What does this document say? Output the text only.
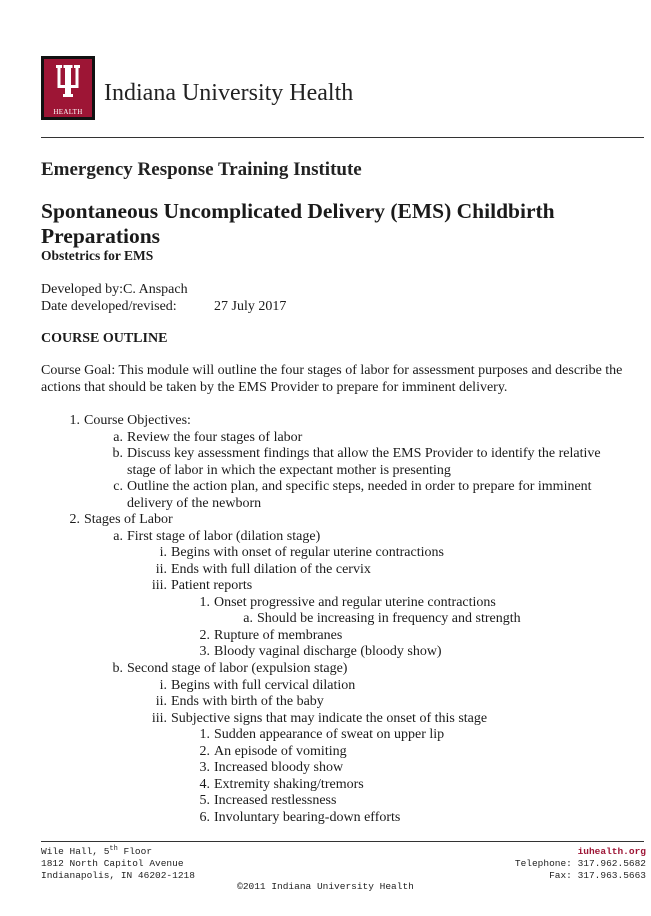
HEALTH
Indiana University Health
Emergency Response Training Institute
Spontaneous Uncomplicated Delivery (EMS) Childbirth Preparations
Obstetrics for EMS
Developed by:C. Anspach
Date developed/revised:	27 July 2017
COURSE OUTLINE
Course Goal: This module will outline the four stages of labor for assessment purposes and describe the actions that should be taken by the EMS Provider to prepare for imminent delivery.
1. Course Objectives:
a. Review the four stages of labor
b. Discuss key assessment findings that allow the EMS Provider to identify the relative
stage of labor in which the expectant mother is presenting
c. Outline the action plan, and specific steps, needed in order to prepare for imminent
delivery of the newborn
2. Stages of Labor
a. First stage of labor (dilation stage)
i. Begins with onset of regular uterine contractions
ii. Ends with full dilation of the cervix
iii. Patient reports
1. Onset progressive and regular uterine contractions
a. Should be increasing in frequency and strength
2. Rupture of membranes
3. Bloody vaginal discharge (bloody show)
b. Second stage of labor (expulsion stage)
i. Begins with full cervical dilation
ii. Ends with birth of the baby
iii. Subjective signs that may indicate the onset of this stage
1. Sudden appearance of sweat on upper lip
2. An episode of vomiting
3. Increased bloody show
4. Extremity shaking/tremors
5. Increased restlessness
6. Involuntary bearing-down efforts
Wile Hall, 5th Floor
1812 North Capitol Avenue
Indianapolis, IN 46202-1218
iuhealth.org
Telephone: 317.962.5682
Fax: 317.963.5663
©2011 Indiana University Health
